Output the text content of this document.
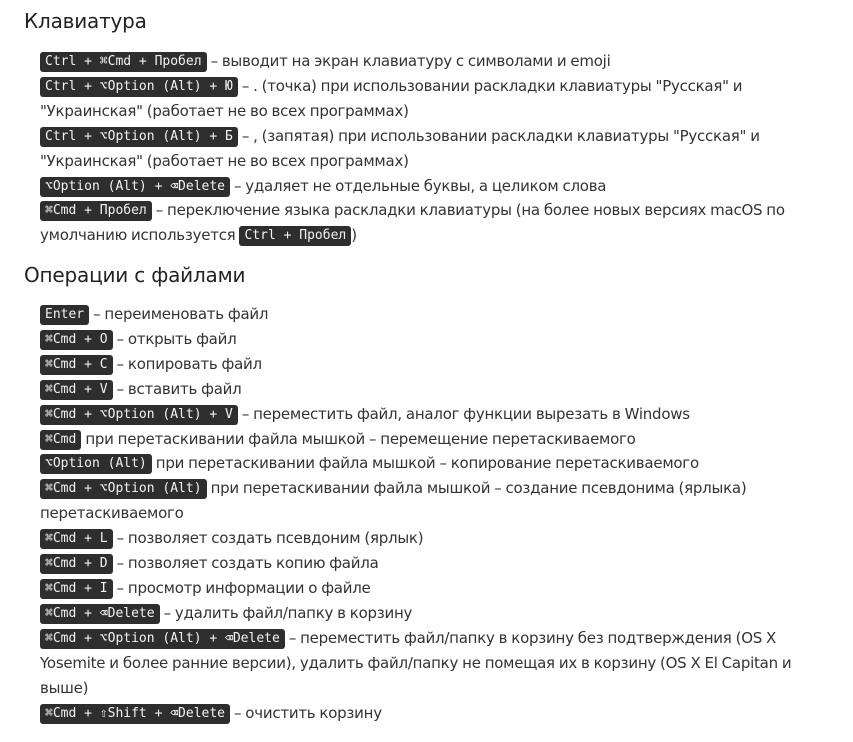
Клавиатура
Ctrl + ⌘Cmd + Пробел – выводит на экран клавиатуру с символами и emoji
Ctrl + ⌥Option (Alt) + Ю – . (точка) при использовании раскладки клавиатуры "Русская" и "Украинская" (работает не во всех программах)
Ctrl + ⌥Option (Alt) + Б – , (запятая) при использовании раскладки клавиатуры "Русская" и "Украинская" (работает не во всех программах)
⌥Option (Alt) + ⌫Delete – удаляет не отдельные буквы, а целиком слова
⌘Cmd + Пробел – переключение языка раскладки клавиатуры (на более новых версиях macOS по умолчанию используется Ctrl + Пробел )
Операции с файлами
Enter – переименовать файл
⌘Cmd + O – открыть файл
⌘Cmd + C – копировать файл
⌘Cmd + V – вставить файл
⌘Cmd + ⌥Option (Alt) + V – переместить файл, аналог функции вырезать в Windows
⌘Cmd при перетаскивании файла мышкой – перемещение перетаскиваемого
⌥Option (Alt) при перетаскивании файла мышкой – копирование перетаскиваемого
⌘Cmd + ⌥Option (Alt) при перетаскивании файла мышкой – создание псевдонима (ярлыка) перетаскиваемого
⌘Cmd + L – позволяет создать псевдоним (ярлык)
⌘Cmd + D – позволяет создать копию файла
⌘Cmd + I – просмотр информации о файле
⌘Cmd + ⌫Delete – удалить файл/папку в корзину
⌘Cmd + ⌥Option (Alt) + ⌫Delete – переместить файл/папку в корзину без подтверждения (OS X Yosemite и более ранние версии), удалить файл/папку не помещая их в корзину (OS X El Capitan и выше)
⌘Cmd + ⇧Shift + ⌫Delete – очистить корзину
